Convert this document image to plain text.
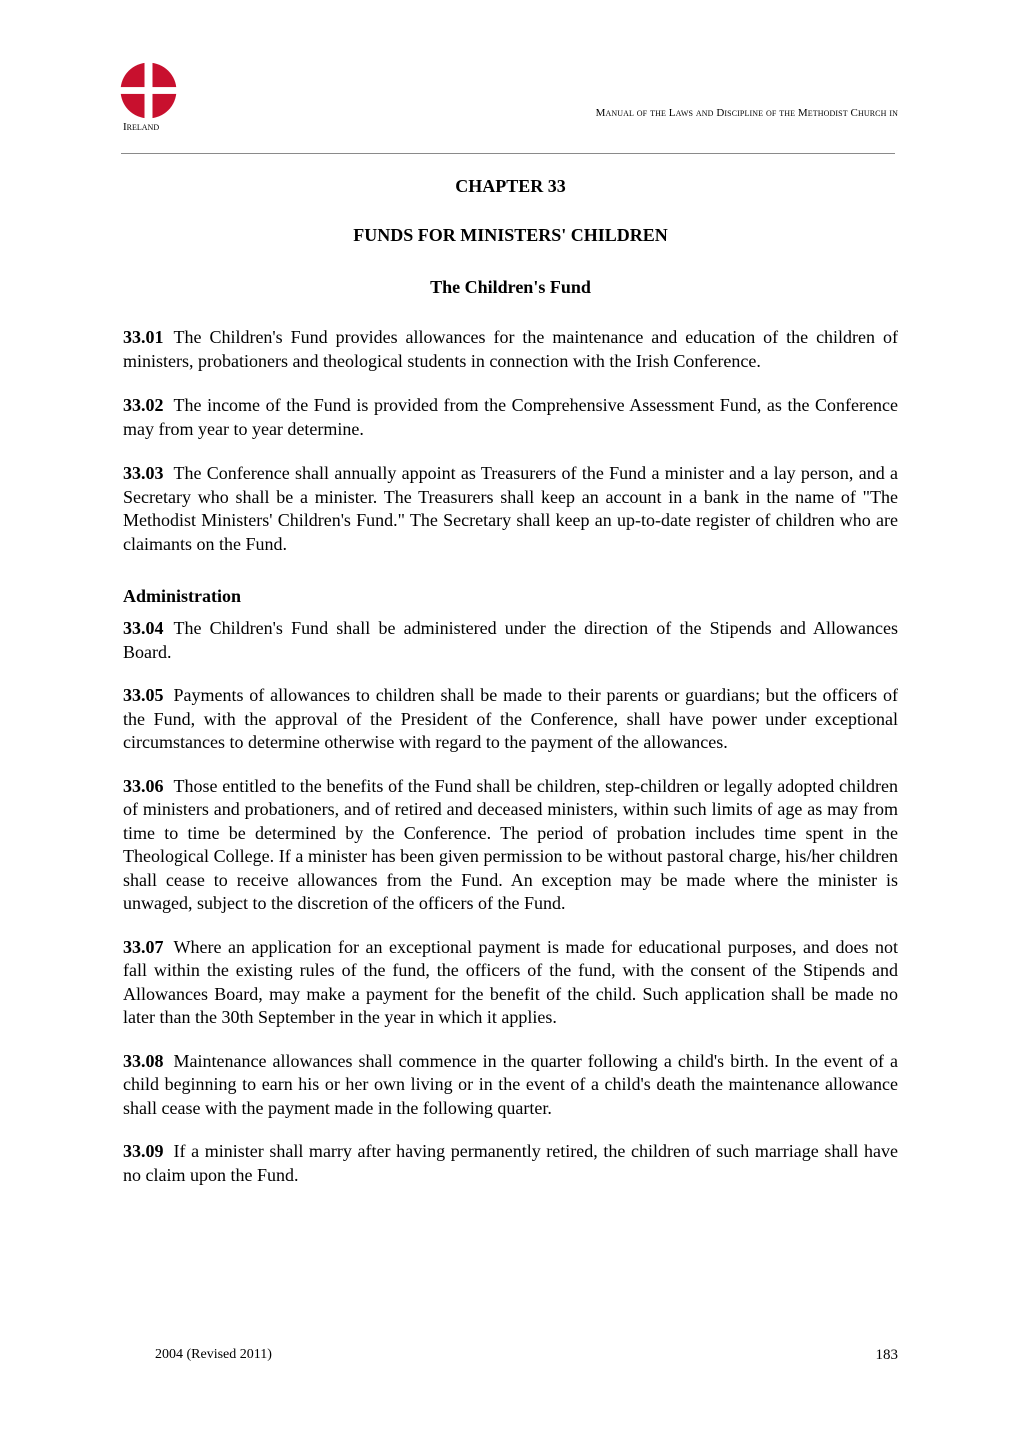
Manual of the Laws and Discipline of the Methodist Church in
Ireland
CHAPTER 33
FUNDS FOR MINISTERS' CHILDREN
The Children's Fund

33.01 The Children's Fund provides allowances for the maintenance and education of the children of ministers, probationers and theological students in connection with the Irish Conference.

33.02 The income of the Fund is provided from the Comprehensive Assessment Fund, as the Conference may from year to year determine.

33.03 The Conference shall annually appoint as Treasurers of the Fund a minister and a lay person, and a Secretary who shall be a minister. The Treasurers shall keep an account in a bank in the name of "The Methodist Ministers' Children's Fund." The Secretary shall keep an up-to-date register of children who are claimants on the Fund.

Administration

33.04 The Children's Fund shall be administered under the direction of the Stipends and Allowances Board.

33.05 Payments of allowances to children shall be made to their parents or guardians; but the officers of the Fund, with the approval of the President of the Conference, shall have power under exceptional circumstances to determine otherwise with regard to the payment of the allowances.

33.06 Those entitled to the benefits of the Fund shall be children, step-children or legally adopted children of ministers and probationers, and of retired and deceased ministers, within such limits of age as may from time to time be determined by the Conference. The period of probation includes time spent in the Theological College. If a minister has been given permission to be without pastoral charge, his/her children shall cease to receive allowances from the Fund. An exception may be made where the minister is unwaged, subject to the discretion of the officers of the Fund.

33.07 Where an application for an exceptional payment is made for educational purposes, and does not fall within the existing rules of the fund, the officers of the fund, with the consent of the Stipends and Allowances Board, may make a payment for the benefit of the child. Such application shall be made no later than the 30th September in the year in which it applies.

33.08 Maintenance allowances shall commence in the quarter following a child's birth. In the event of a child beginning to earn his or her own living or in the event of a child's death the maintenance allowance shall cease with the payment made in the following quarter.

33.09 If a minister shall marry after having permanently retired, the children of such marriage shall have no claim upon the Fund.

2004 (Revised 2011)	183
